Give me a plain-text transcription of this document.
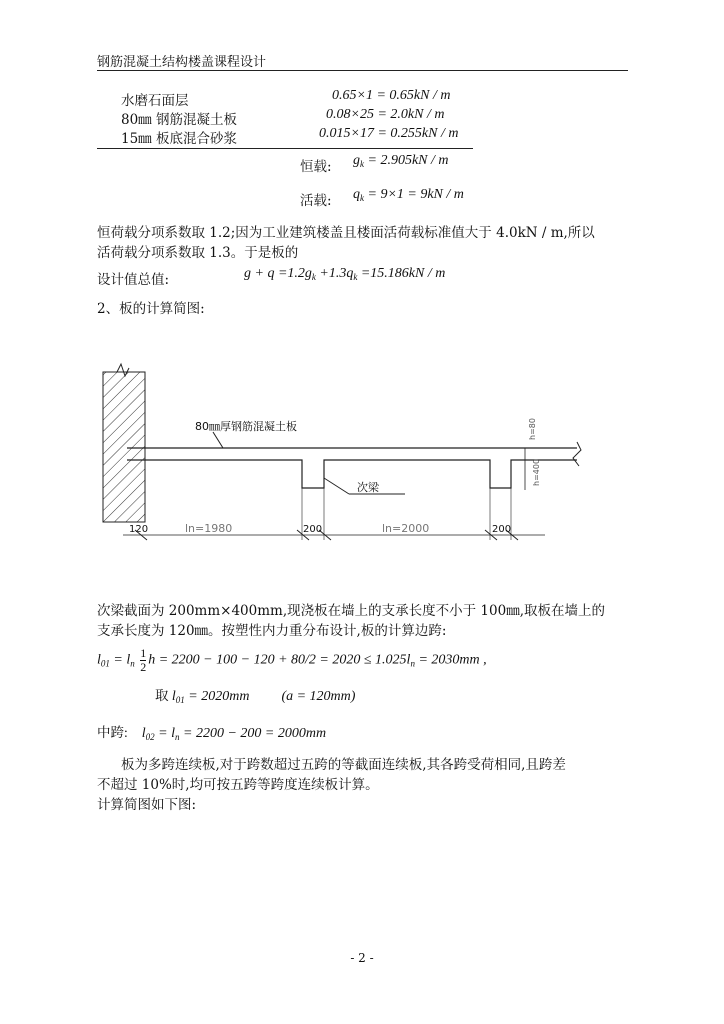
钢筋混凝土结构楼盖课程设计
水磨石面层	0.65×1 = 0.65kN / m
80㎜ 钢筋混凝土板	0.08×25 = 2.0kN / m
15㎜ 板底混合砂浆	0.015×17 = 0.255kN / m
恒载: $g_k = 2.905kN / m$
活载: $q_k = 9\times 1 = 9kN / m$
恒荷载分项系数取 1.2;因为工业建筑楼盖且楼面活荷载标准值大于 4.0kN / m,所以
活荷载分项系数取 1.3。于是板的
设计值总值:	$g + q =1.2g_k +1.3q_k =15.186kN / m$
2、板的计算简图:
80㎜厚钢筋混凝土板
次梁
h=80
h=400
120	ln=1980	200	ln=2000	200
次梁截面为 200mm×400mm,现浇板在墙上的支承长度不小于 100㎜,取板在墙上的
支承长度为 120㎜。按塑性内力重分布设计,板的计算边跨:
$l_{01} = l_n \frac{1}{2}$ $h = 2200 - 100 - 120 + 80/2 = 2020 \le 1.025l_n = 2030mm$ ,
取 $l_{01} = 2020mm$ (a = 120mm)
中跨: $l_{02} = l_n = 2200 - 200 = 2000mm$
板为多跨连续板,对于跨数超过五跨的等截面连续板,其各跨受荷相同,且跨差
不超过 10%时,均可按五跨等跨度连续板计算。
计算简图如下图:
- 2 -
